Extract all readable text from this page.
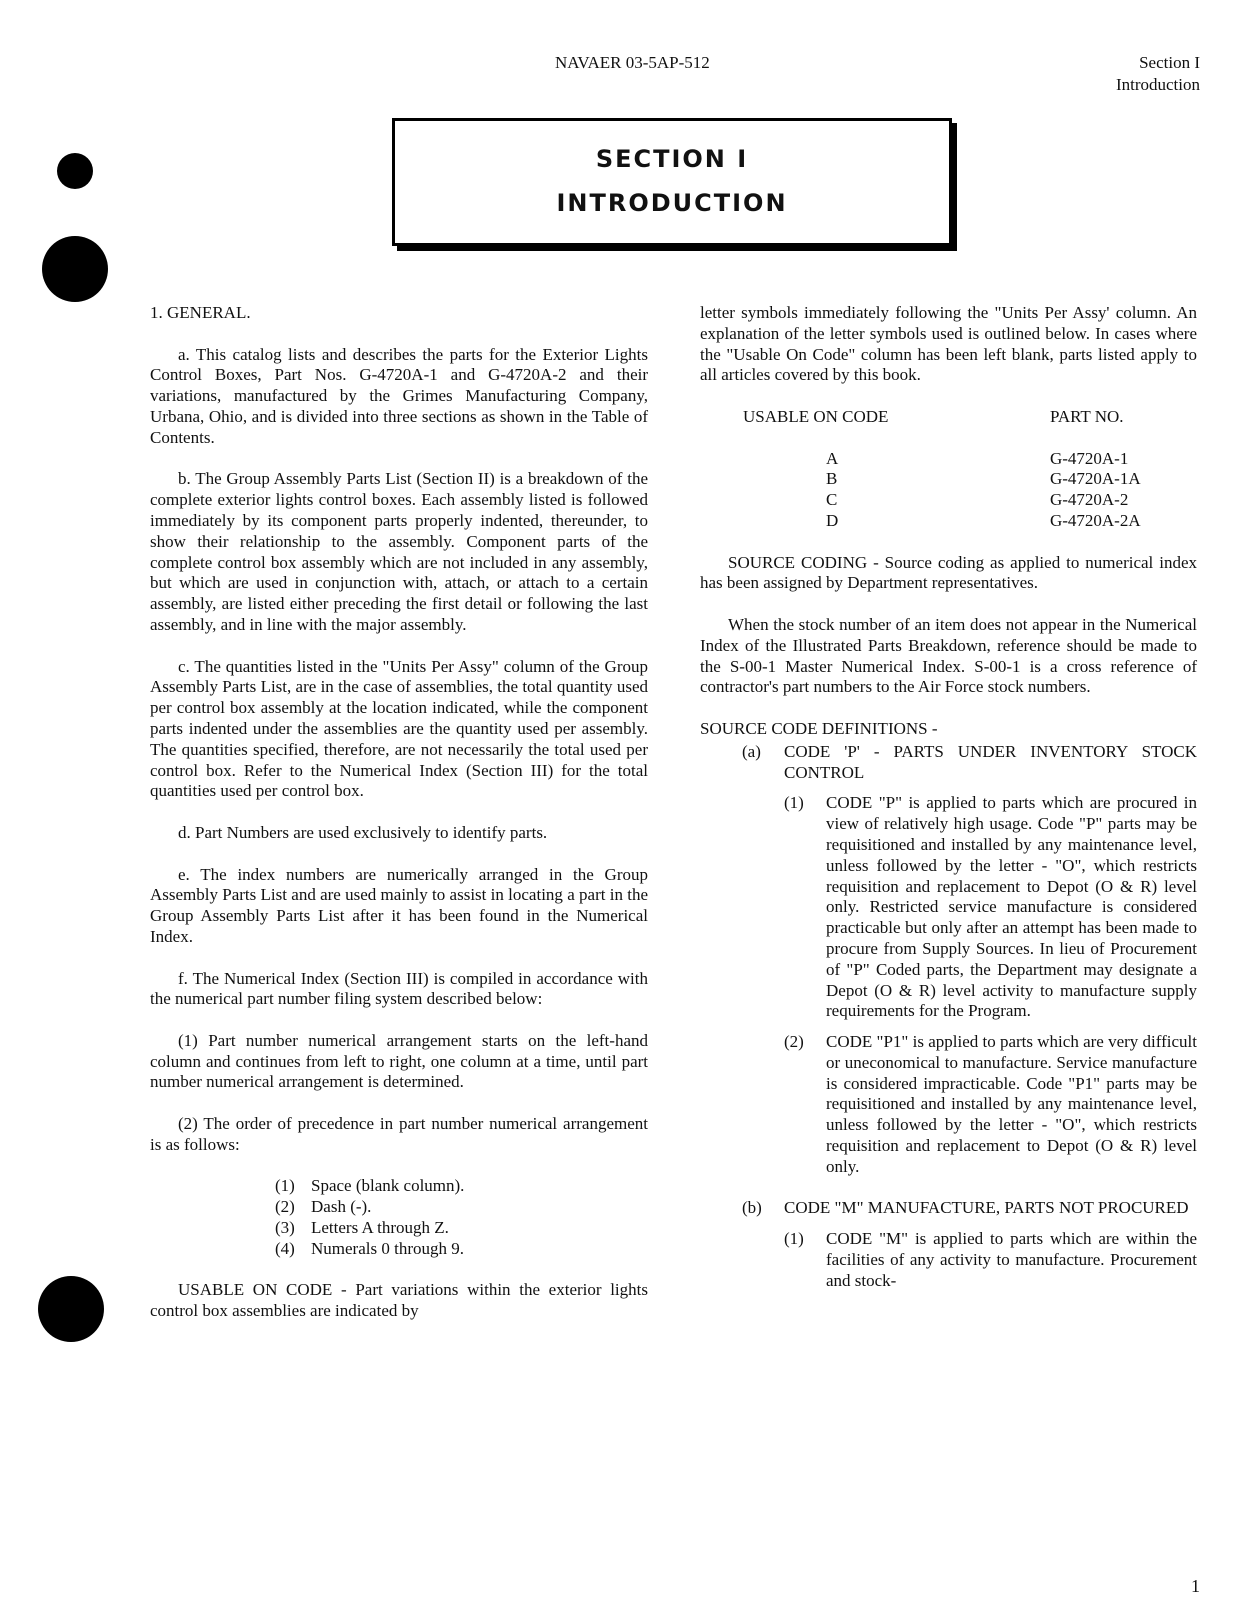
NAVAER 03-5AP-512	Section I
Introduction
SECTION I
INTRODUCTION

1. GENERAL.

a. This catalog lists and describes the parts for the Exterior Lights Control Boxes, Part Nos. G-4720A-1 and G-4720A-2 and their variations, manufactured by the Grimes Manufacturing Company, Urbana, Ohio, and is divided into three sections as shown in the Table of Contents.

b. The Group Assembly Parts List (Section II) is a breakdown of the complete exterior lights control boxes. Each assembly listed is followed immediately by its component parts properly indented, thereunder, to show their relationship to the assembly. Component parts of the complete control box assembly which are not included in any assembly, but which are used in conjunction with, attach, or attach to a certain assembly, are listed either preceding the first detail or following the last assembly, and in line with the major assembly.

c. The quantities listed in the "Units Per Assy" column of the Group Assembly Parts List, are in the case of assemblies, the total quantity used per control box assembly at the location indicated, while the component parts indented under the assemblies are the quantity used per assembly. The quantities specified, therefore, are not necessarily the total used per control box. Refer to the Numerical Index (Section III) for the total quantities used per control box.

d. Part Numbers are used exclusively to identify parts.

e. The index numbers are numerically arranged in the Group Assembly Parts List and are used mainly to assist in locating a part in the Group Assembly Parts List after it has been found in the Numerical Index.

f. The Numerical Index (Section III) is compiled in accordance with the numerical part number filing system described below:

(1) Part number numerical arrangement starts on the left-hand column and continues from left to right, one column at a time, until part number numerical arrangement is determined.

(2) The order of precedence in part number numerical arrangement is as follows:

(1) Space (blank column).
(2) Dash (-).
(3) Letters A through Z.
(4) Numerals 0 through 9.

USABLE ON CODE - Part variations within the exterior lights control box assemblies are indicated by

letter symbols immediately following the "Units Per Assy' column. An explanation of the letter symbols used is outlined below. In cases where the "Usable On Code" column has been left blank, parts listed apply to all articles covered by this book.

USABLE ON CODE	PART NO.
A	G-4720A-1
B	G-4720A-1A
C	G-4720A-2
D	G-4720A-2A

SOURCE CODING - Source coding as applied to numerical index has been assigned by Department representatives.

When the stock number of an item does not appear in the Numerical Index of the Illustrated Parts Breakdown, reference should be made to the S-00-1 Master Numerical Index. S-00-1 is a cross reference of contractor's part numbers to the Air Force stock numbers.

SOURCE CODE DEFINITIONS -

(a)	CODE 'P' - PARTS UNDER INVENTORY STOCK CONTROL
(1)	CODE "P" is applied to parts which are procured in view of relatively high usage. Code "P" parts may be requisitioned and installed by any maintenance level, unless followed by the letter - "O", which restricts requisition and replacement to Depot (O & R) level only. Restricted service manufacture is considered practicable but only after an attempt has been made to procure from Supply Sources. In lieu of Procurement of "P" Coded parts, the Department may designate a Depot (O & R) level activity to manufacture supply requirements for the Program.
(2)	CODE "P1" is applied to parts which are very difficult or uneconomical to manufacture. Service manufacture is considered impracticable. Code "P1" parts may be requisitioned and installed by any maintenance level, unless followed by the letter - "O", which restricts requisition and replacement to Depot (O & R) level only.
(b)	CODE "M" MANUFACTURE, PARTS NOT PROCURED
(1)	CODE "M" is applied to parts which are within the facilities of any activity to manufacture. Procurement and stock-
1
